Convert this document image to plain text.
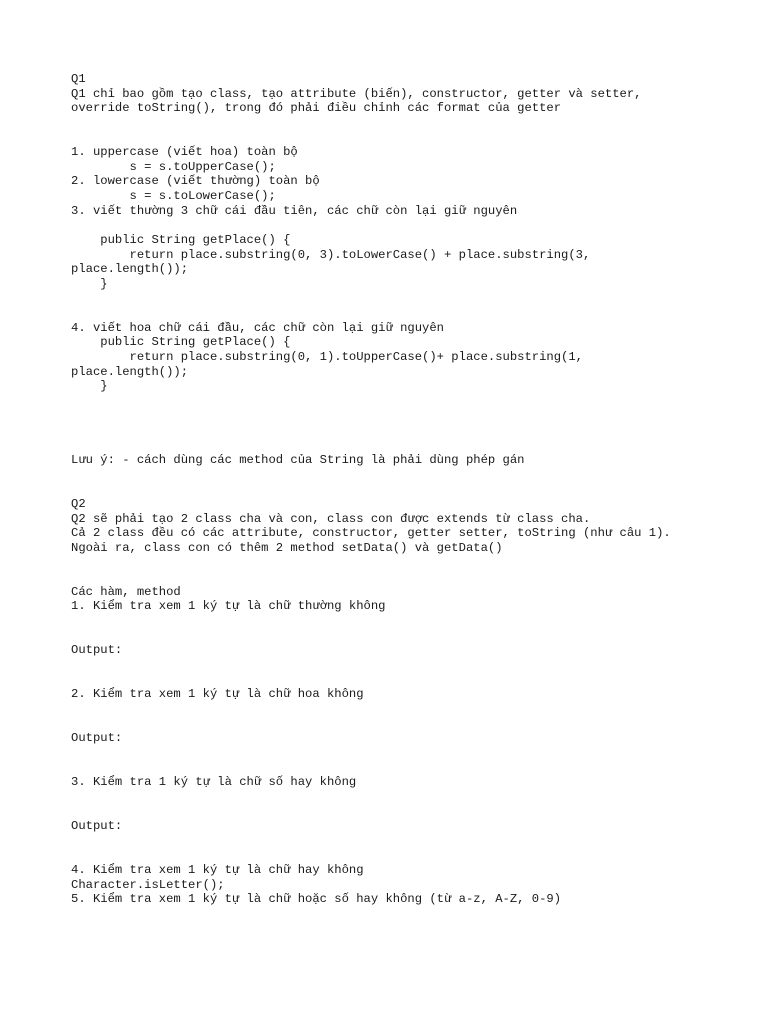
Q1
Q1 chỉ bao gồm tạo class, tạo attribute (biến), constructor, getter và setter,
override toString(), trong đó phải điều chỉnh các format của getter
1. uppercase (viết hoa) toàn bộ
s = s.toUpperCase();
2. lowercase (viết thường) toàn bộ
s = s.toLowerCase();
3. viết thường 3 chữ cái đầu tiên, các chữ còn lại giữ nguyên
public String getPlace() {
return place.substring(0, 3).toLowerCase() + place.substring(3,
place.length());
}
4. viết hoa chữ cái đầu, các chữ còn lại giữ nguyên
public String getPlace() {
return place.substring(0, 1).toUpperCase()+ place.substring(1,
place.length());
}
Lưu ý: - cách dùng các method của String là phải dùng phép gán
Q2
Q2 sẽ phải tạo 2 class cha và con, class con được extends từ class cha.
Cả 2 class đều có các attribute, constructor, getter setter, toString (như câu 1).
Ngoài ra, class con có thêm 2 method setData() và getData()
Các hàm, method
1. Kiểm tra xem 1 ký tự là chữ thường không
Output:
2. Kiểm tra xem 1 ký tự là chữ hoa không
Output:
3. Kiểm tra 1 ký tự là chữ số hay không
Output:
4. Kiểm tra xem 1 ký tự là chữ hay không
Character.isLetter();
5. Kiểm tra xem 1 ký tự là chữ hoặc số hay không (từ a-z, A-Z, 0-9)
